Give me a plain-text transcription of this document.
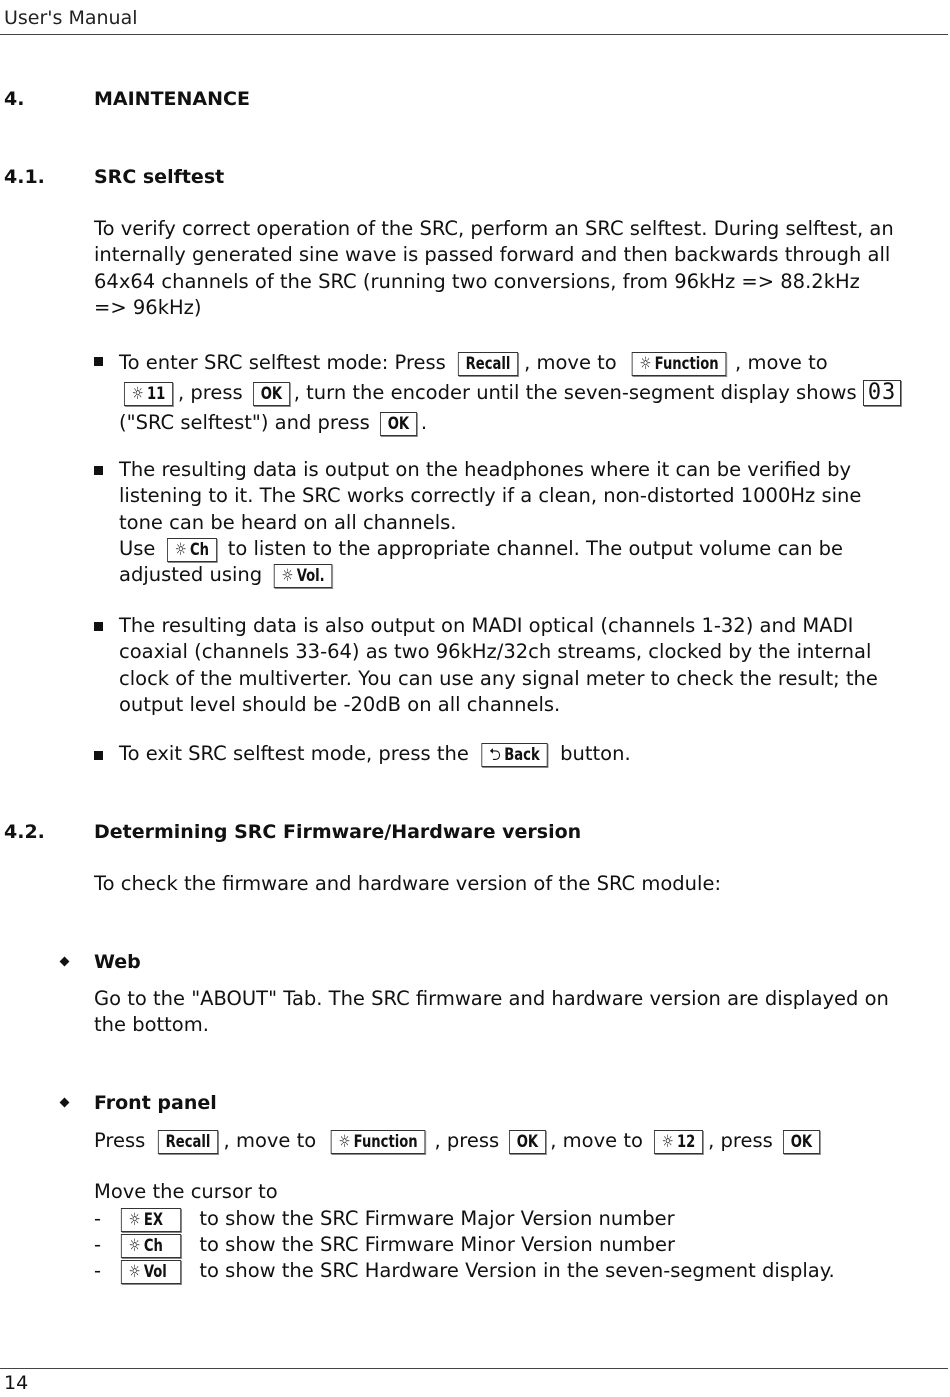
User's Manual
4.	MAINTENANCE
4.1.	SRC selftest
To verify correct operation of the SRC, perform an SRC selftest. During selftest, an
internally generated sine wave is passed forward and then backwards through all
64x64 channels of the SRC (running two conversions, from 96kHz => 88.2kHz
=> 96kHz)
To enter SRC selftest mode: Press Recall , move to ☼ Function , move to
☼ 11 , press OK , turn the encoder until the seven-segment display shows 03
("SRC selftest") and press OK .
The resulting data is output on the headphones where it can be verified by
listening to it. The SRC works correctly if a clean, non-distorted 1000Hz sine
tone can be heard on all channels.
Use ☼ Ch to listen to the appropriate channel. The output volume can be
adjusted using ☼ Vol.
The resulting data is also output on MADI optical (channels 1-32) and MADI
coaxial (channels 33-64) as two 96kHz/32ch streams, clocked by the internal
clock of the multiverter. You can use any signal meter to check the result; the
output level should be -20dB on all channels.
To exit SRC selftest mode, press the ⮌ Back button.
4.2.	Determining SRC Firmware/Hardware version
To check the firmware and hardware version of the SRC module:
Web
Go to the "ABOUT" Tab. The SRC firmware and hardware version are displayed on
the bottom.
Front panel
Press Recall , move to ☼ Function , press OK , move to ☼ 12 , press OK
Move the cursor to
-	☼ EX to show the SRC Firmware Major Version number
-	☼ Ch to show the SRC Firmware Minor Version number
-	☼ Vol to show the SRC Hardware Version in the seven-segment display.
14
